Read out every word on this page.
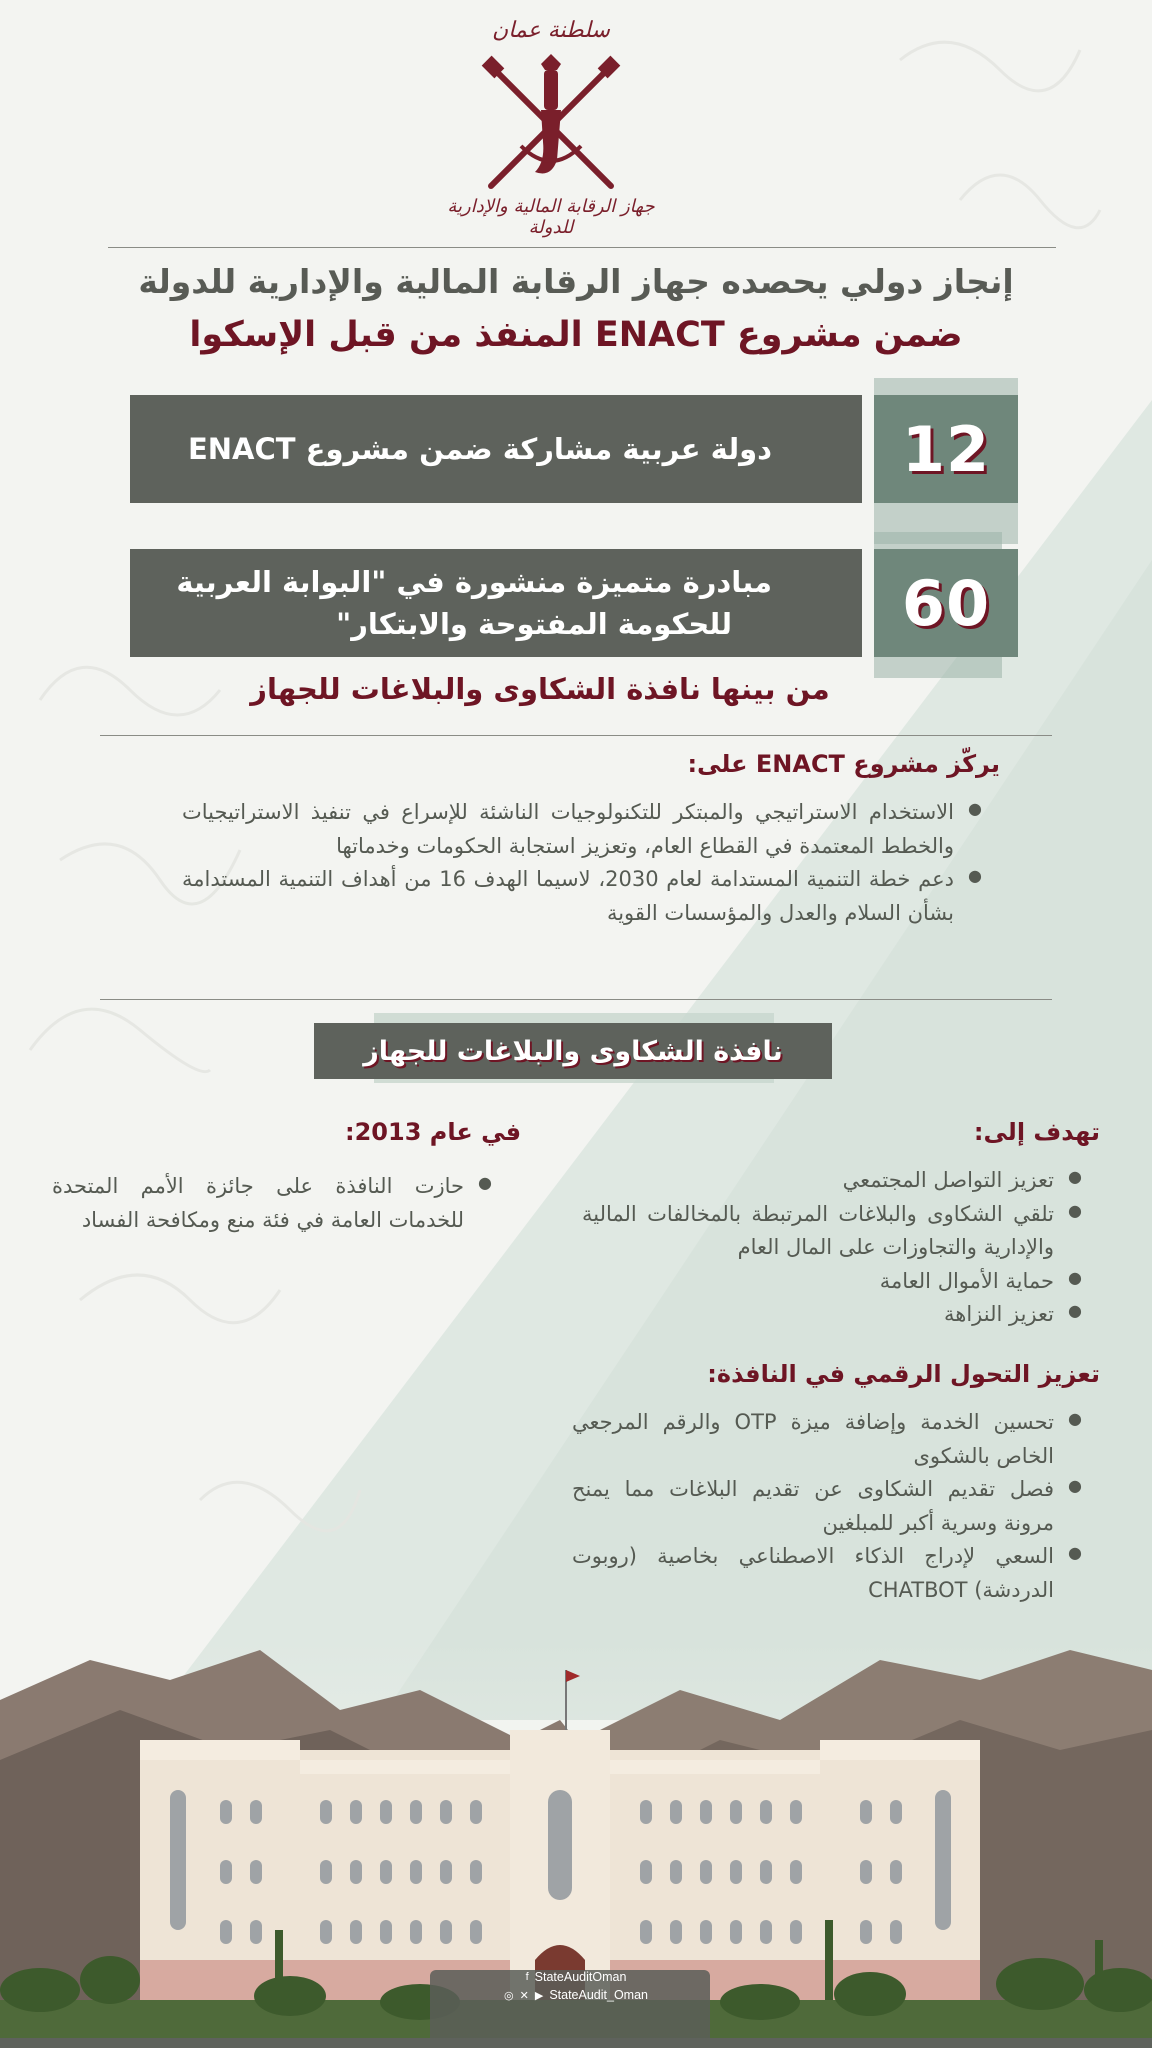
سلطنة عمان
جهاز الرقابة المالية والإدارية للدولة
إنجاز دولي يحصده جهاز الرقابة المالية والإدارية للدولة
ضمن مشروع ENACT المنفذ من قبل الإسكوا
دولة عربية مشاركة ضمن مشروع ENACT	12
مبادرة متميزة منشورة في "البوابة العربية
للحكومة المفتوحة والابتكار"	60
من بينها نافذة الشكاوى والبلاغات للجهاز
يركّز مشروع ENACT على:
● الاستخدام الاستراتيجي والمبتكر للتكنولوجيات الناشئة للإسراع في تنفيذ الاستراتيجيات والخطط المعتمدة في القطاع العام، وتعزيز استجابة الحكومات وخدماتها
● دعم خطة التنمية المستدامة لعام 2030، لاسيما الهدف 16 من أهداف التنمية المستدامة بشأن السلام والعدل والمؤسسات القوية
نافذة الشكاوى والبلاغات للجهاز
تهدف إلى:
● تعزيز التواصل المجتمعي
● تلقي الشكاوى والبلاغات المرتبطة بالمخالفات المالية والإدارية والتجاوزات على المال العام
● حماية الأموال العامة
● تعزيز النزاهة
في عام 2013:
● حازت النافذة على جائزة الأمم المتحدة للخدمات العامة في فئة منع ومكافحة الفساد
تعزيز التحول الرقمي في النافذة:
● تحسين الخدمة وإضافة ميزة OTP والرقم المرجعي الخاص بالشكوى
● فصل تقديم الشكاوى عن تقديم البلاغات مما يمنح مرونة وسرية أكبر للمبلغين
● السعي لإدراج الذكاء الاصطناعي بخاصية (روبوت الدردشة) CHATBOT
f StateAuditOman
◎ ✕ ▶ StateAudit_Oman
